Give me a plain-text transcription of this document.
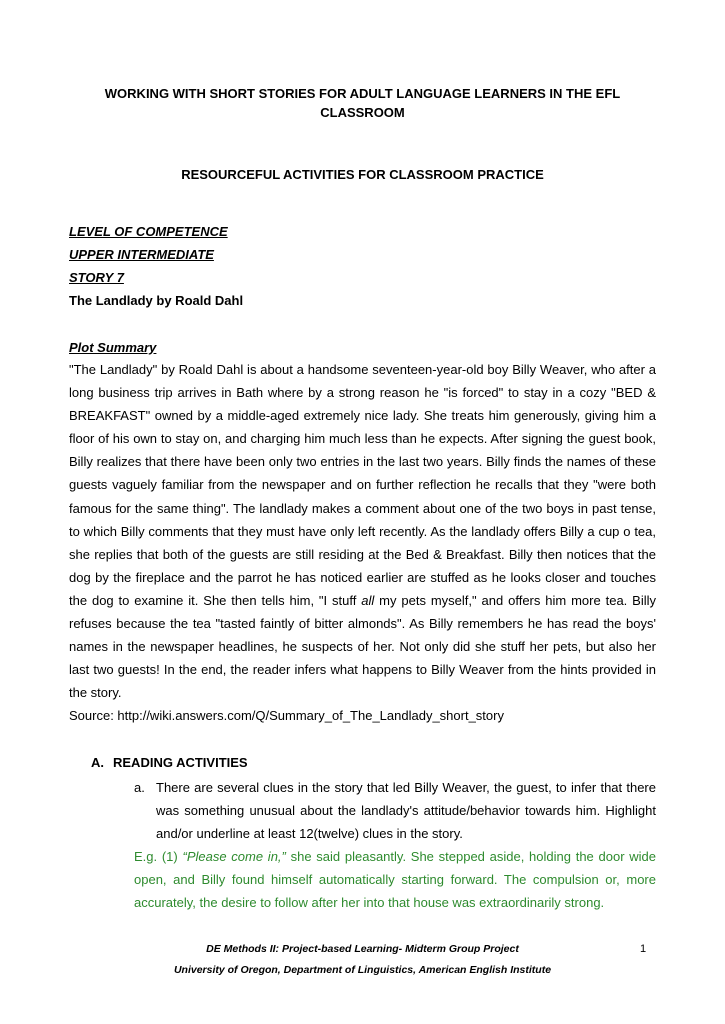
WORKING WITH SHORT STORIES FOR ADULT LANGUAGE LEARNERS IN THE EFL CLASSROOM
RESOURCEFUL ACTIVITIES FOR CLASSROOM PRACTICE
LEVEL OF COMPETENCE
UPPER INTERMEDIATE
STORY 7
The Landlady by Roald Dahl
Plot Summary

"The Landlady" by Roald Dahl is about a handsome seventeen-year-old boy Billy Weaver, who after a long business trip arrives in Bath where by a strong reason he "is forced" to stay in a cozy "BED & BREAKFAST" owned by a middle-aged extremely nice lady. She treats him generously, giving him a floor of his own to stay on, and charging him much less than he expects. After signing the guest book, Billy realizes that there have been only two entries in the last two years. Billy finds the names of these guests vaguely familiar from the newspaper and on further reflection he recalls that they "were both famous for the same thing". The landlady makes a comment about one of the two boys in past tense, to which Billy comments that they must have only left recently. As the landlady offers Billy a cup o tea, she replies that both of the guests are still residing at the Bed & Breakfast. Billy then notices that the dog by the fireplace and the parrot he has noticed earlier are stuffed as he looks closer and touches the dog to examine it. She then tells him, "I stuff all my pets myself," and offers him more tea. Billy refuses because the tea "tasted faintly of bitter almonds". As Billy remembers he has read the boys' names in the newspaper headlines, he suspects of her. Not only did she stuff her pets, but also her last two guests! In the end, the reader infers what happens to Billy Weaver from the hints provided in the story.

Source: http://wiki.answers.com/Q/Summary_of_The_Landlady_short_story
A. READING ACTIVITIES
a. There are several clues in the story that led Billy Weaver, the guest, to infer that there was something unusual about the landlady's attitude/behavior towards him. Highlight and/or underline at least 12(twelve) clues in the story.

E.g. (1) “Please come in,” she said pleasantly. She stepped aside, holding the door wide open, and Billy found himself automatically starting forward. The compulsion or, more accurately, the desire to follow after her into that house was extraordinarily strong.

DE Methods II: Project-based Learning- Midterm Group Project
University of Oregon, Department of Linguistics, American English Institute
1
